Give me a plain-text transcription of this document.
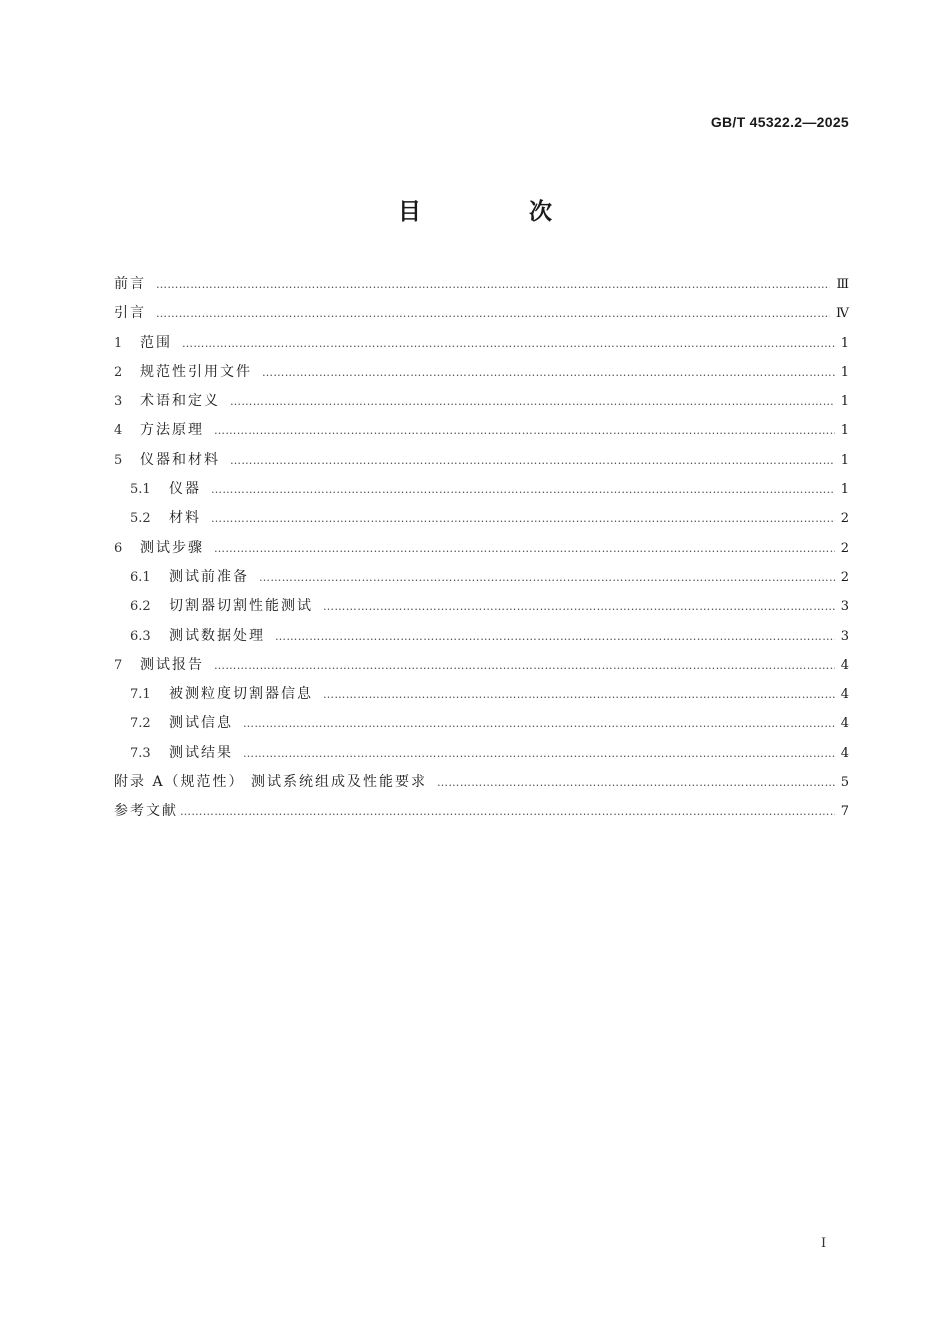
GB/T 45322.2—2025
目 次
前言 …………………………………………………………………………………………………………………………………………………………………………………………………………………………………………………………	Ⅲ
引言 …………………………………………………………………………………………………………………………………………………………………………………………………………………………………………………………	Ⅳ
1	范围 …………………………………………………………………………………………………………………………………………………………………………………………………………………………………………………………	1
2	规范性引用文件 …………………………………………………………………………………………………………………………………………………………………………………………………………………………………………………………	1
3	术语和定义 …………………………………………………………………………………………………………………………………………………………………………………………………………………………………………………………	1
4	方法原理 …………………………………………………………………………………………………………………………………………………………………………………………………………………………………………………………	1
5	仪器和材料 …………………………………………………………………………………………………………………………………………………………………………………………………………………………………………………………	1
5.1	仪器 …………………………………………………………………………………………………………………………………………………………………………………………………………………………………………………………	1
5.2	材料 …………………………………………………………………………………………………………………………………………………………………………………………………………………………………………………………	2
6	测试步骤 …………………………………………………………………………………………………………………………………………………………………………………………………………………………………………………………	2
6.1	测试前准备 …………………………………………………………………………………………………………………………………………………………………………………………………………………………………………………………	2
6.2	切割器切割性能测试 …………………………………………………………………………………………………………………………………………………………………………………………………………………………………………………………	3
6.3	测试数据处理 …………………………………………………………………………………………………………………………………………………………………………………………………………………………………………………………	3
7	测试报告 …………………………………………………………………………………………………………………………………………………………………………………………………………………………………………………………	4
7.1	被测粒度切割器信息 …………………………………………………………………………………………………………………………………………………………………………………………………………………………………………………………	4
7.2	测试信息 …………………………………………………………………………………………………………………………………………………………………………………………………………………………………………………………	4
7.3	测试结果 …………………………………………………………………………………………………………………………………………………………………………………………………………………………………………………………	4
附录 A（规范性） 测试系统组成及性能要求 …………………………………………………………………………………………………………………………………………………………………………………………………………………………………………………………	5
参考文献 …………………………………………………………………………………………………………………………………………………………………………………………………………………………………………………………	7
Ⅰ
